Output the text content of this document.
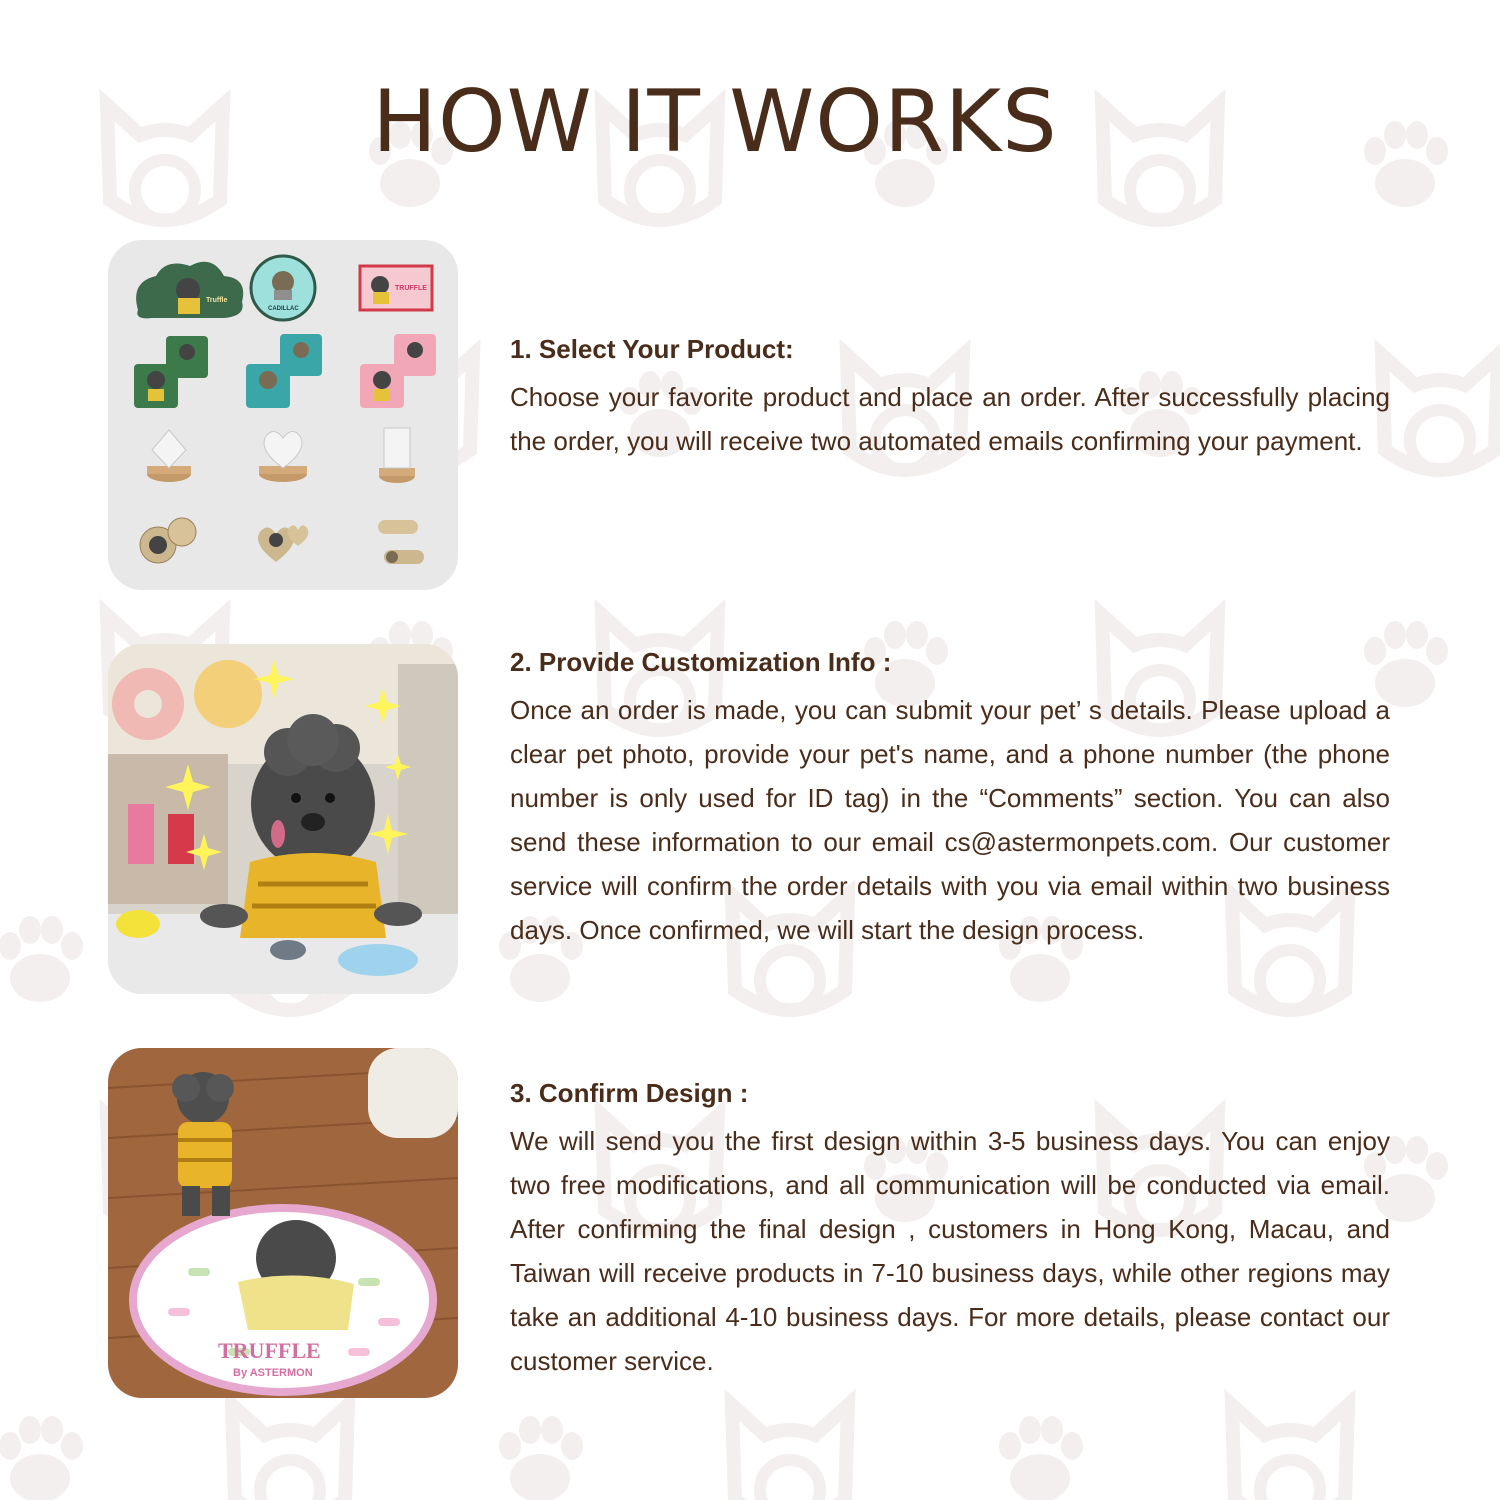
HOW IT WORKS
Truffle
CADILLAC
TRUFFLE

1. Select Your Product:

Choose your favorite product and place an order. After successfully placing the order, you will receive two automated emails confirming your payment.

2. Provide Customization Info :

Once an order is made, you can submit your pet’ s details. Please upload a clear pet photo, provide your pet's name, and a phone number (the phone number is only used for ID tag) in the “Comments” section. You can also send these information to our email cs@astermonpets.com. Our customer service will confirm the order details with you via email within two business days. Once confirmed, we will start the design process.

TRUFFLE
By ASTERMON

3. Confirm Design :

We will send you the first design within 3-5 business days. You can enjoy two free modifications, and all communication will be conducted via email. After confirming the final design , customers in Hong Kong, Macau, and Taiwan will receive products in 7-10 business days, while other regions may take an additional 4-10 business days. For more details, please contact our customer service.
